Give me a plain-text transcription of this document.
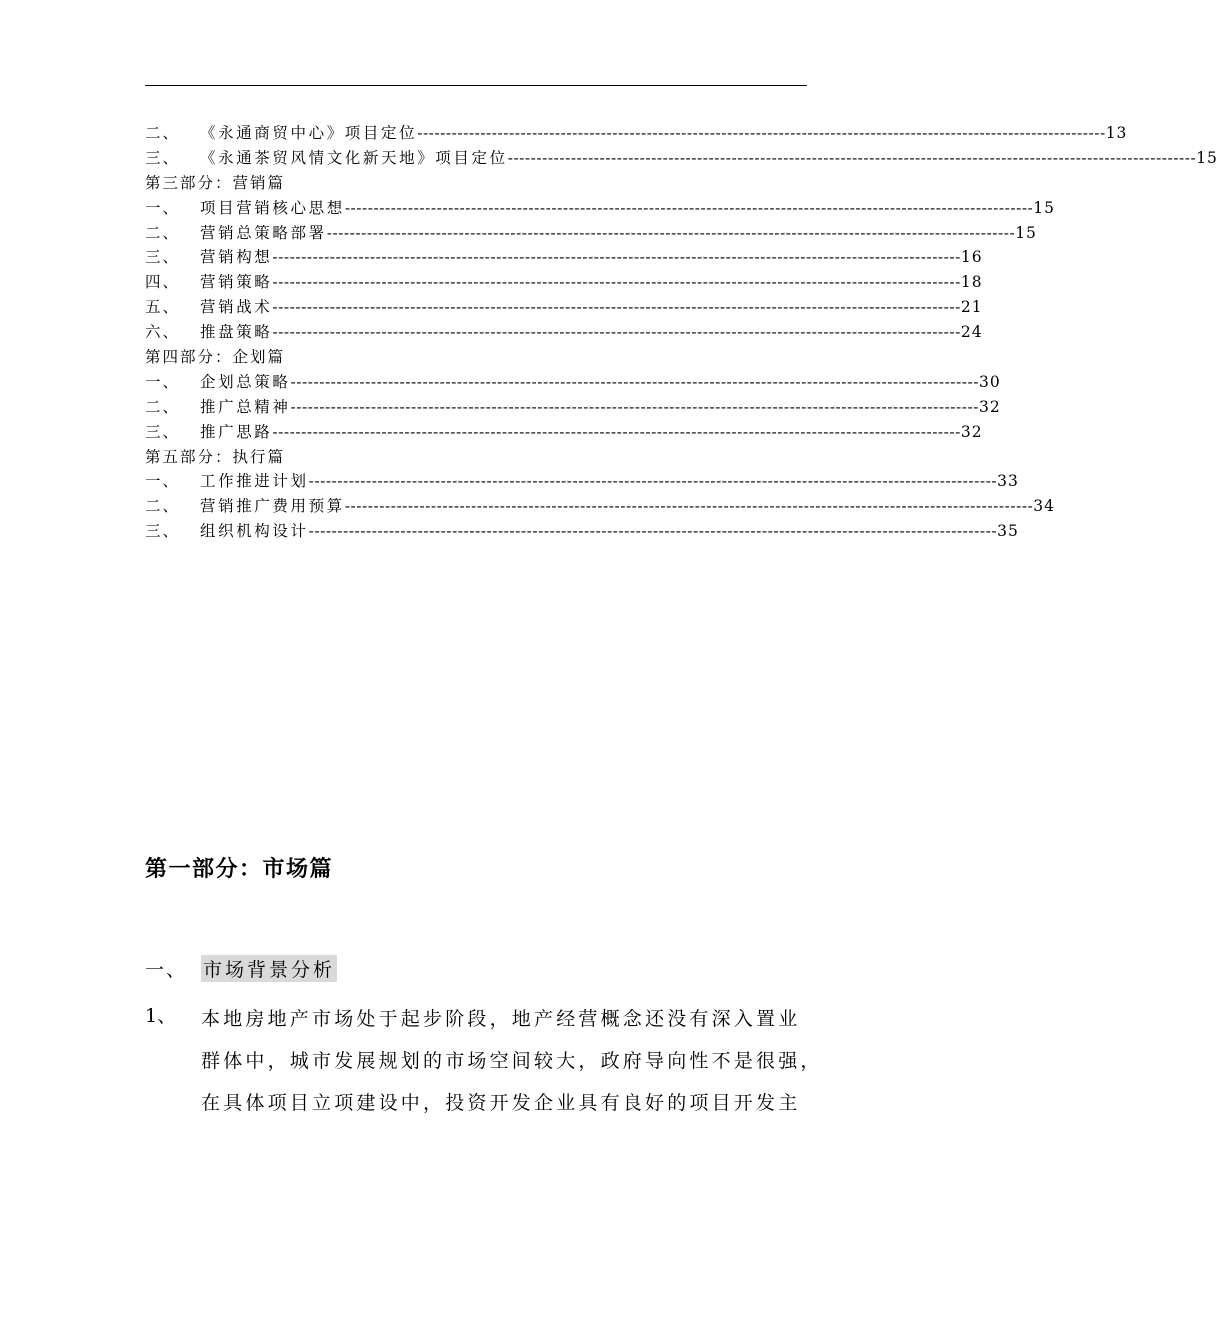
二、	《永通商贸中心》项目定位 ------------------------------------------------------------------------------------------------------------------------ 13
三、	《永通茶贸风情文化新天地》项目定位 ------------------------------------------------------------------------------------------------------------------------ 15
第三部分：营销篇
一、	项目营销核心思想 ------------------------------------------------------------------------------------------------------------------------ 15
二、	营销总策略部署 ------------------------------------------------------------------------------------------------------------------------ 15
三、	营销构想 ------------------------------------------------------------------------------------------------------------------------ 16
四、	营销策略 ------------------------------------------------------------------------------------------------------------------------ 18
五、	营销战术 ------------------------------------------------------------------------------------------------------------------------ 21
六、	推盘策略 ------------------------------------------------------------------------------------------------------------------------ 24
第四部分：企划篇
一、	企划总策略 ------------------------------------------------------------------------------------------------------------------------ 30
二、	推广总精神 ------------------------------------------------------------------------------------------------------------------------ 32
三、	推广思路 ------------------------------------------------------------------------------------------------------------------------ 32
第五部分：执行篇
一、	工作推进计划 ------------------------------------------------------------------------------------------------------------------------ 33
二、	营销推广费用预算 ------------------------------------------------------------------------------------------------------------------------ 34
三、	组织机构设计 ------------------------------------------------------------------------------------------------------------------------ 35
第一部分：市场篇
一、 市场背景分析
1、	本地房地产市场处于起步阶段，地产经营概念还没有深入置业
群体中，城市发展规划的市场空间较大，政府导向性不是很强，
在具体项目立项建设中，投资开发企业具有良好的项目开发主
